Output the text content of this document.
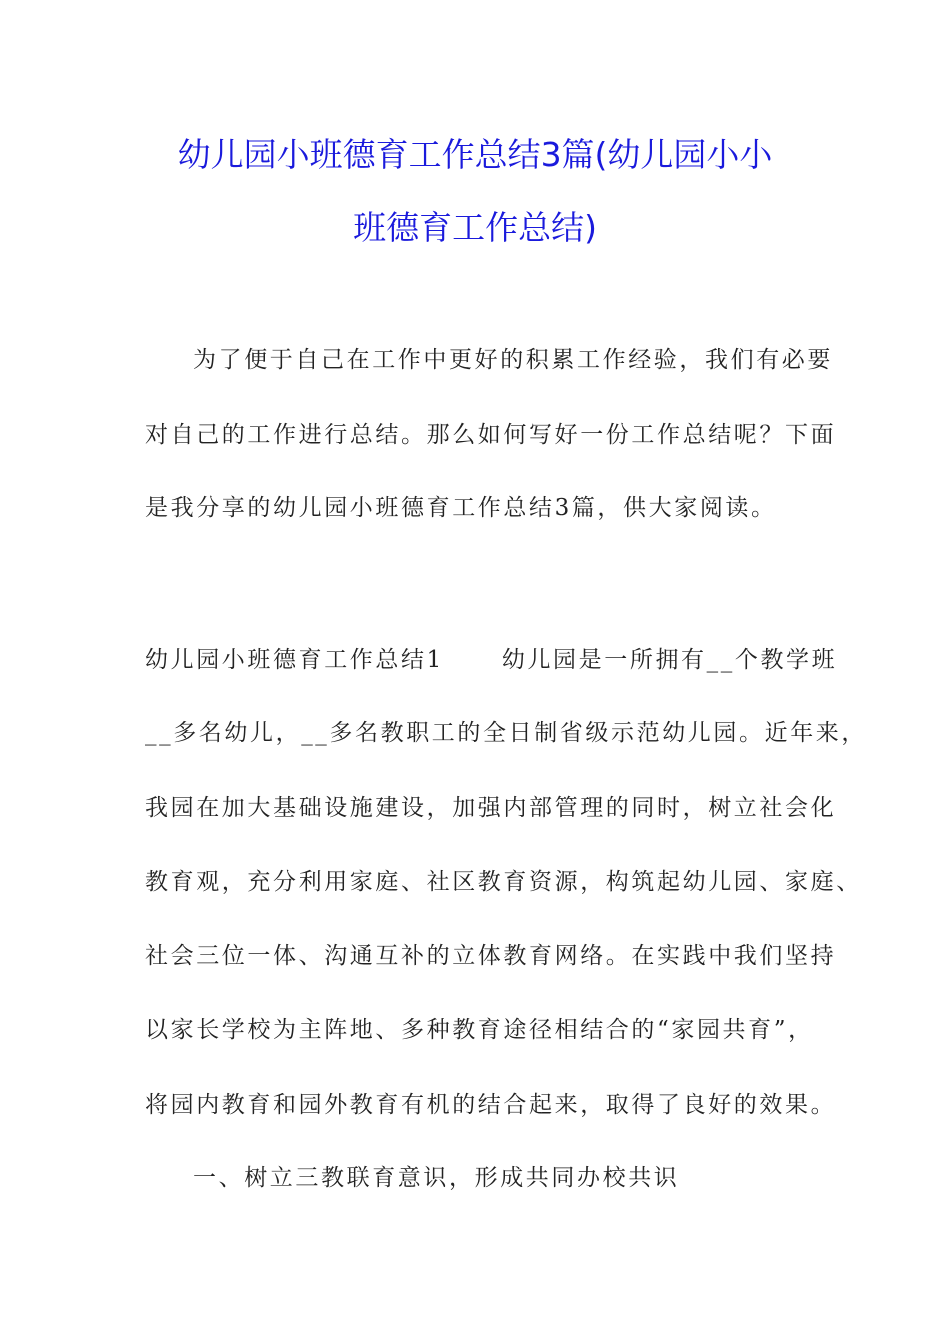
幼儿园小班德育工作总结3篇(幼儿园小小
班德育工作总结)
为了便于自己在工作中更好的积累工作经验，我们有必要
对自己的工作进行总结。那么如何写好一份工作总结呢？下面
是我分享的幼儿园小班德育工作总结3篇，供大家阅读。
幼儿园小班德育工作总结1	幼儿园是一所拥有__个教学班
__多名幼儿，__多名教职工的全日制省级示范幼儿园。近年来，
我园在加大基础设施建设，加强内部管理的同时，树立社会化
教育观，充分利用家庭、社区教育资源，构筑起幼儿园、家庭、
社会三位一体、沟通互补的立体教育网络。在实践中我们坚持
以家长学校为主阵地、多种教育途径相结合的“家园共育”，
将园内教育和园外教育有机的结合起来，取得了良好的效果。
一、树立三教联育意识，形成共同办校共识
